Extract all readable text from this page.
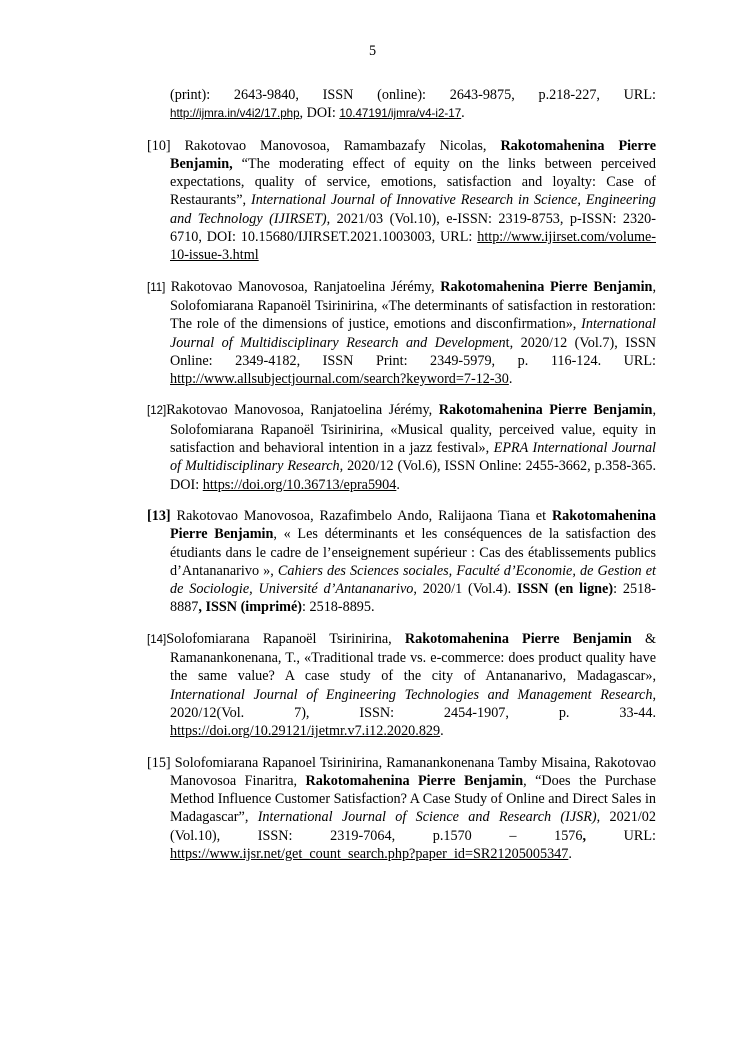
5

(print): 2643-9840, ISSN (online): 2643-9875, p.218-227, URL: http://ijmra.in/v4i2/17.php, DOI: 10.47191/ijmra/v4-i2-17.

[10] Rakotovao Manovosoa, Ramambazafy Nicolas, Rakotomahenina Pierre Benjamin, “The moderating effect of equity on the links between perceived expectations, quality of service, emotions, satisfaction and loyalty: Case of Restaurants”, International Journal of Innovative Research in Science, Engineering and Technology (IJIRSET), 2021/03 (Vol.10), e-ISSN: 2319-8753, p-ISSN: 2320-6710, DOI: 10.15680/IJIRSET.2021.1003003, URL: http://www.ijirset.com/volume-10-issue-3.html

[11] Rakotovao Manovosoa, Ranjatoelina Jérémy, Rakotomahenina Pierre Benjamin, Solofomiarana Rapanoël Tsirinirina, «The determinants of satisfaction in restoration: The role of the dimensions of justice, emotions and disconfirmation», International Journal of Multidisciplinary Research and Development, 2020/12 (Vol.7), ISSN Online: 2349-4182, ISSN Print: 2349-5979, p. 116-124. URL: http://www.allsubjectjournal.com/search?keyword=7-12-30.

[12]Rakotovao Manovosoa, Ranjatoelina Jérémy, Rakotomahenina Pierre Benjamin, Solofomiarana Rapanoël Tsirinirina, «Musical quality, perceived value, equity in satisfaction and behavioral intention in a jazz festival», EPRA International Journal of Multidisciplinary Research, 2020/12 (Vol.6), ISSN Online: 2455-3662, p.358-365. DOI: https://doi.org/10.36713/epra5904.

[13] Rakotovao Manovosoa, Razafimbelo Ando, Ralijaona Tiana et Rakotomahenina Pierre Benjamin, « Les déterminants et les conséquences de la satisfaction des étudiants dans le cadre de l’enseignement supérieur : Cas des établissements publics d’Antananarivo », Cahiers des Sciences sociales, Faculté d’Economie, de Gestion et de Sociologie, Université d’Antananarivo, 2020/1 (Vol.4). ISSN (en ligne): 2518-8887, ISSN (imprimé): 2518-8895.

[14]Solofomiarana Rapanoël Tsirinirina, Rakotomahenina Pierre Benjamin & Ramanankonenana, T., «Traditional trade vs. e-commerce: does product quality have the same value? A case study of the city of Antananarivo, Madagascar», International Journal of Engineering Technologies and Management Research, 2020/12(Vol. 7), ISSN: 2454-1907, p. 33-44. https://doi.org/10.29121/ijetmr.v7.i12.2020.829.

[15] Solofomiarana Rapanoel Tsirinirina, Ramanankonenana Tamby Misaina, Rakotovao Manovosoa Finaritra, Rakotomahenina Pierre Benjamin, “Does the Purchase Method Influence Customer Satisfaction? A Case Study of Online and Direct Sales in Madagascar”, International Journal of Science and Research (IJSR), 2021/02 (Vol.10), ISSN: 2319-7064, p.1570 – 1576, URL: https://www.ijsr.net/get_count_search.php?paper_id=SR21205005347.
